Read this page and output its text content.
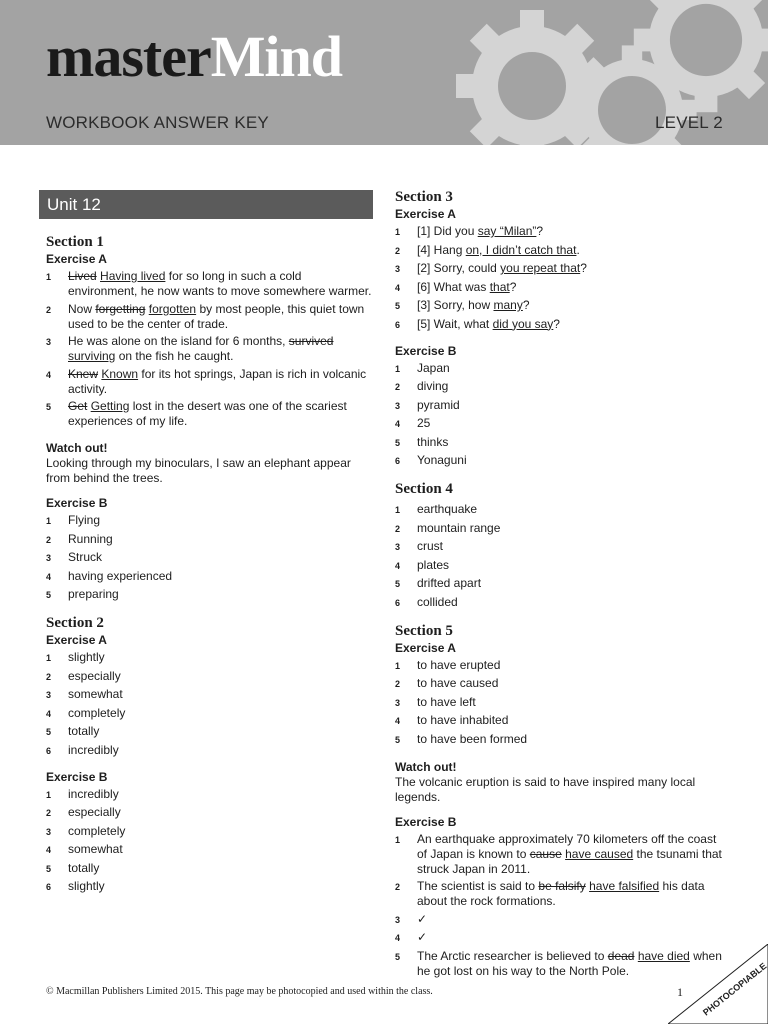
masterMind

WORKBOOK ANSWER KEY	LEVEL 2

Unit 12
Section 1

Exercise A

1	Lived Having lived for so long in such a cold environment, he now wants to move somewhere warmer.
2	Now forgetting forgotten by most people, this quiet town used to be the center of trade.
3	He was alone on the island for 6 months, survived surviving on the fish he caught.
4	Knew Known for its hot springs, Japan is rich in volcanic activity.
5	Get Getting lost in the desert was one of the scariest experiences of my life.

Watch out!

Looking through my binoculars, I saw an elephant appear from behind the trees.

Exercise B

1	Flying
2	Running
3	Struck
4	having experienced
5	preparing
Section 2

Exercise A

1	slightly
2	especially
3	somewhat
4	completely
5	totally
6	incredibly

Exercise B

1	incredibly
2	especially
3	completely
4	somewhat
5	totally
6	slightly
Section 3

Exercise A

1	[1] Did you say “Milan”?
2	[4] Hang on, I didn’t catch that.
3	[2] Sorry, could you repeat that?
4	[6] What was that?
5	[3] Sorry, how many?
6	[5] Wait, what did you say?

Exercise B

1	Japan
2	diving
3	pyramid
4	25
5	thinks
6	Yonaguni
Section 4
1	earthquake
2	mountain range
3	crust
4	plates
5	drifted apart
6	collided
Section 5

Exercise A

1	to have erupted
2	to have caused
3	to have left
4	to have inhabited
5	to have been formed

Watch out!

The volcanic eruption is said to have inspired many local legends.

Exercise B

1	An earthquake approximately 70 kilometers off the coast of Japan is known to cause have caused the tsunami that struck Japan in 2011.
2	The scientist is said to be falsify have falsified his data about the rock formations.
3	✓
4	✓
5	The Arctic researcher is believed to dead have died when he got lost on his way to the North Pole.
© Macmillan Publishers Limited 2015. This page may be photocopied and used within the class.	1 PHOTOCOPIABLE
